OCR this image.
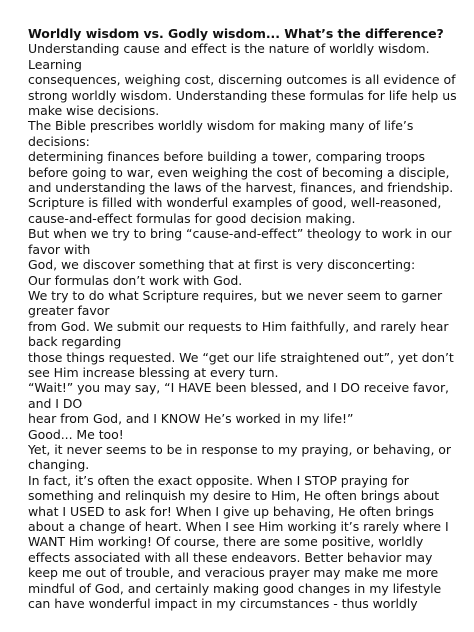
Worldly wisdom vs. Godly wisdom... What’s the difference?
Understanding cause and effect is the nature of worldly wisdom. Learning
consequences, weighing cost, discerning outcomes is all evidence of
strong worldly wisdom. Understanding these formulas for life help us
make wise decisions.
The Bible prescribes worldly wisdom for making many of life’s decisions:
determining finances before building a tower, comparing troops
before going to war, even weighing the cost of becoming a disciple,
and understanding the laws of the harvest, finances, and friendship.
Scripture is filled with wonderful examples of good, well-reasoned,
cause-and-effect formulas for good decision making.
But when we try to bring “cause-and-effect” theology to work in our favor with
God, we discover something that at first is very disconcerting:
Our formulas don’t work with God.
We try to do what Scripture requires, but we never seem to garner greater favor
from God. We submit our requests to Him faithfully, and rarely hear back regarding
those things requested. We “get our life straightened out”, yet don’t
see Him increase blessing at every turn.
“Wait!” you may say, “I HAVE been blessed, and I DO receive favor, and I DO
hear from God, and I KNOW He’s worked in my life!”
Good... Me too!
Yet, it never seems to be in response to my praying, or behaving, or changing.
In fact, it’s often the exact opposite. When I STOP praying for
something and relinquish my desire to Him, He often brings about
what I USED to ask for! When I give up behaving, He often brings
about a change of heart. When I see Him working it’s rarely where I
WANT Him working! Of course, there are some positive, worldly
effects associated with all these endeavors. Better behavior may
keep me out of trouble, and veracious prayer may make me more
mindful of God, and certainly making good changes in my lifestyle
can have wonderful impact in my circumstances - thus worldly
